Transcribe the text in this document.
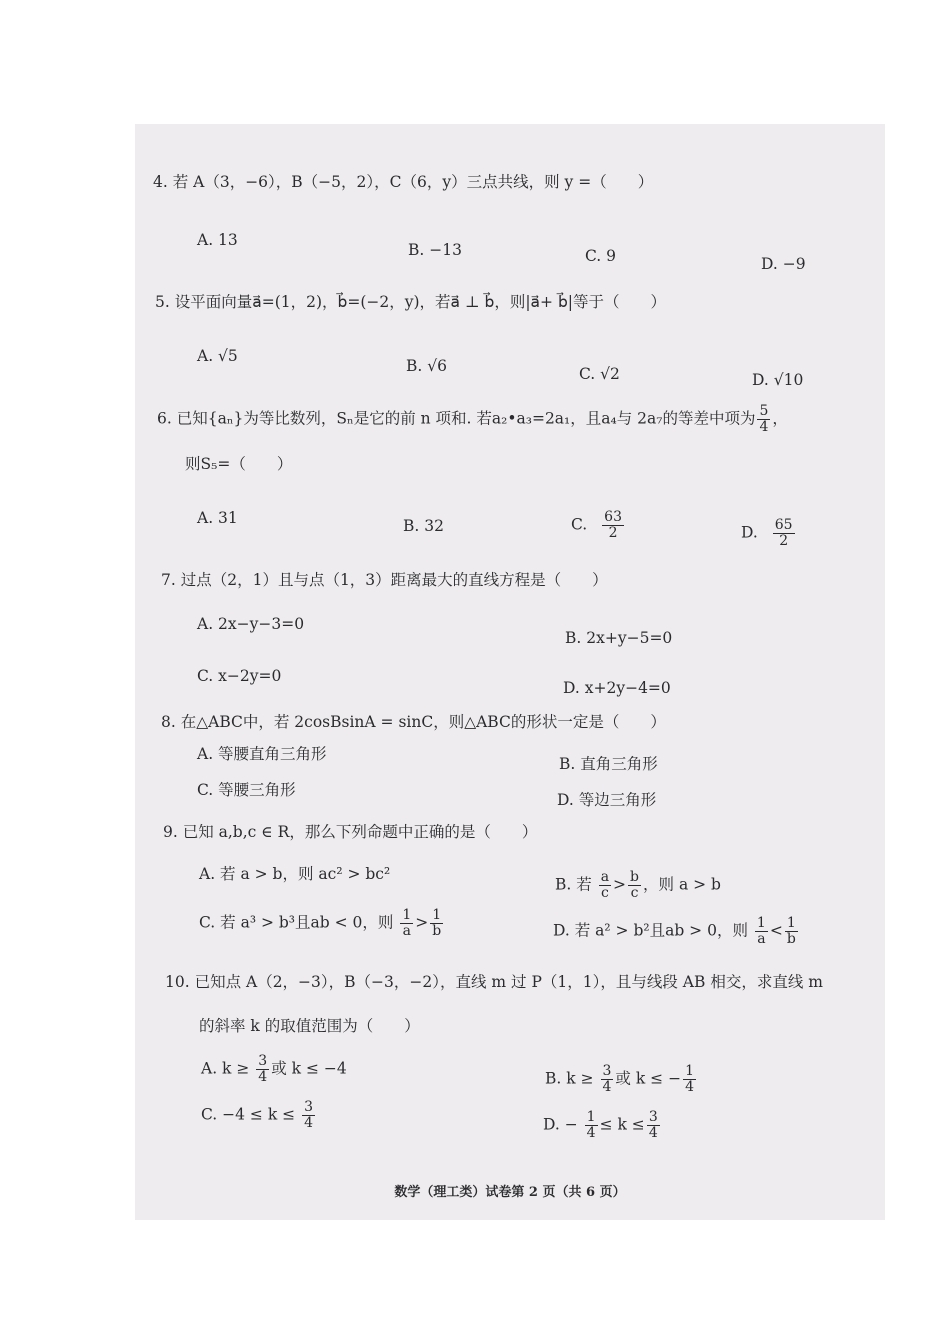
4. 若 A（3，−6），B（−5，2），C（6，y）三点共线，则 y =（　　）
A. 13
B. −13	C. 9	D. −9
5. 设平面向量a⃗=(1，2)，b⃗=(−2，y)，若a⃗ ⊥ b⃗，则|a⃗+ b⃗|等于（　　）
A. √5
B. √6	C. √2	D. √10
6. 已知{aₙ}为等比数列，Sₙ是它的前 n 项和. 若a₂•a₃=2a₁，且a₄与 2a₇的等差中项为 $\frac{5}{4}$ ，
则S₅=（　　）
A. 31	B. 32	C. $\frac{63}{2}$	D. $\frac{65}{2}$
7. 过点（2，1）且与点（1，3）距离最大的直线方程是（　　）
A. 2x−y−3=0
B. 2x+y−5=0
C. x−2y=0
D. x+2y−4=0
8. 在△ABC中，若 2cosBsinA = sinC，则△ABC的形状一定是（　　）
A. 等腰直角三角形
B. 直角三角形
C. 等腰三角形
D. 等边三角形
9. 已知 a,b,c ∈ R，那么下列命题中正确的是（　　）
A. 若 a > b，则 ac² > bc²
B. 若 $\frac{a}{c} > \frac{b}{c}$ ，则 a > b
C. 若 a³ > b³且ab < 0，则 $\frac{1}{a} > \frac{1}{b}$	D. 若 a² > b²且ab > 0，则 $\frac{1}{a} < \frac{1}{b}$
10. 已知点 A（2，−3），B（−3，−2），直线 m 过 P（1，1），且与线段 AB 相交，求直线 m
的斜率 k 的取值范围为（　　）
A. $k \ge \frac{3}{4}$ 或 k ≤ −4
B. $k \ge \frac{3}{4}$ 或 k ≤ − $\frac{1}{4}$
C. $-4 \le k \le \frac{3}{4}$	D. − $\frac{1}{4} \le k \le \frac{3}{4}$
数学（理工类）试卷第 2 页（共 6 页）
